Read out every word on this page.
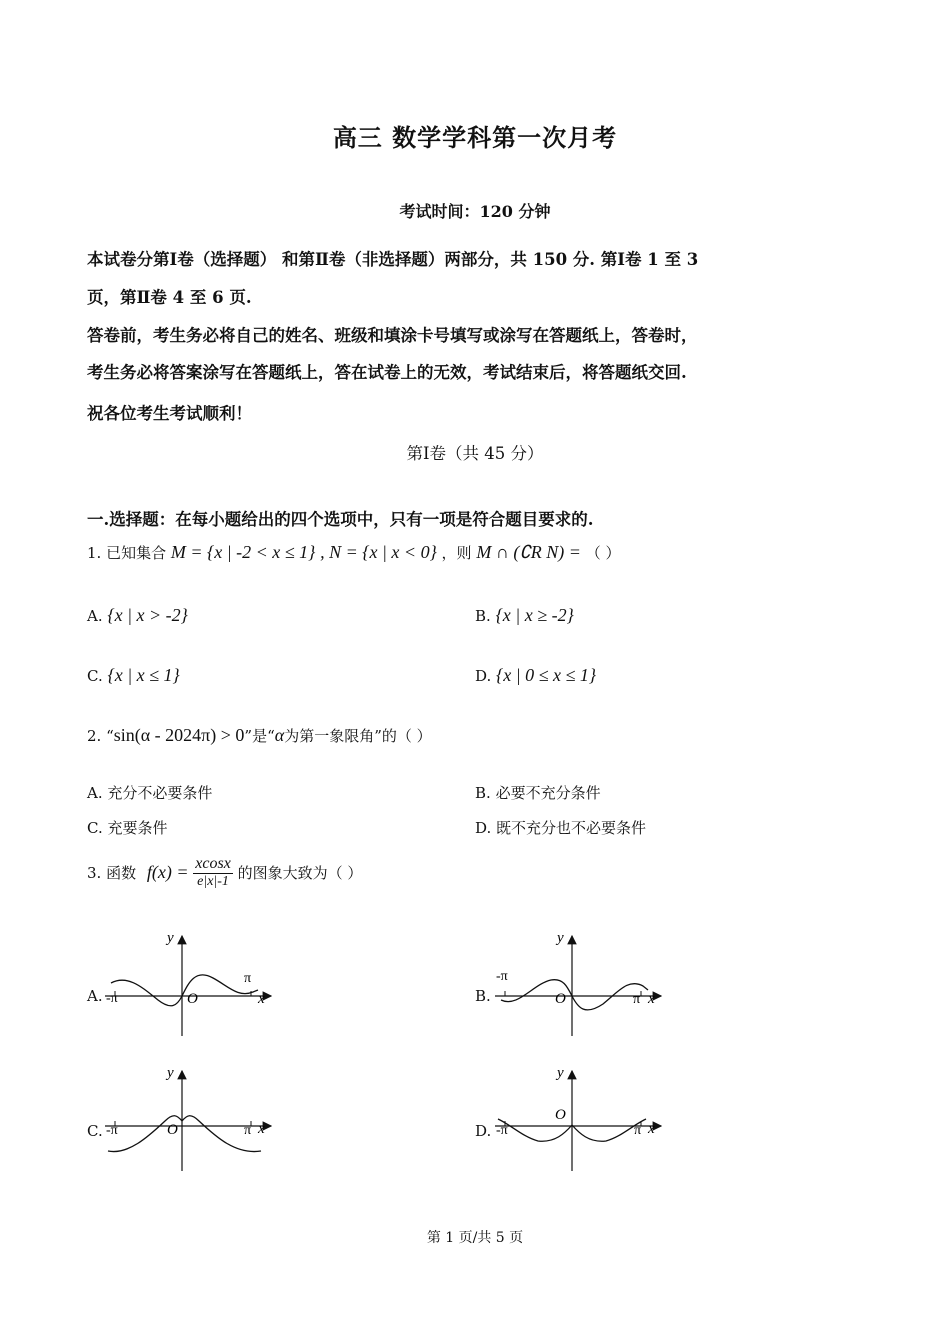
高三 数学学科第一次月考
考试时间：120 分钟
本试卷分第Ⅰ卷（选择题） 和第Ⅱ卷（非选择题）两部分，共 150 分. 第Ⅰ卷 1 至 3
页，第Ⅱ卷 4 至 6 页.
答卷前，考生务必将自己的姓名、班级和填涂卡号填写或涂写在答题纸上，答卷时，
考生务必将答案涂写在答题纸上，答在试卷上的无效，考试结束后，将答题纸交回.
祝各位考生考试顺利！
第Ⅰ卷（共 45 分）
一.选择题：在每小题给出的四个选项中，只有一项是符合题目要求的.
1. 已知集合 M = {x | -2 < x ≤ 1} , N = {x | x < 0} ，则 M ∩ (∁R N) = （ ）
A. {x | x > -2}	B. {x | x ≥ -2}
C. {x | x ≤ 1}	D. {x | 0 ≤ x ≤ 1}
2. “sin(α - 2024π) > 0”是“α为第一象限角”的（ ）
A. 充分不必要条件	B. 必要不充分条件
C. 充要条件	D. 既不充分也不必要条件
3. 函数 $f(x) = \frac{xcosx}{e|x|-1}$ 的图象大致为（ ）
A.	B.
C.	D.
y
x
O
π
-π
y
x
O	π
-π
y
x
O	π
-π
y
x
O
π
-π
第 1 页/共 5 页
